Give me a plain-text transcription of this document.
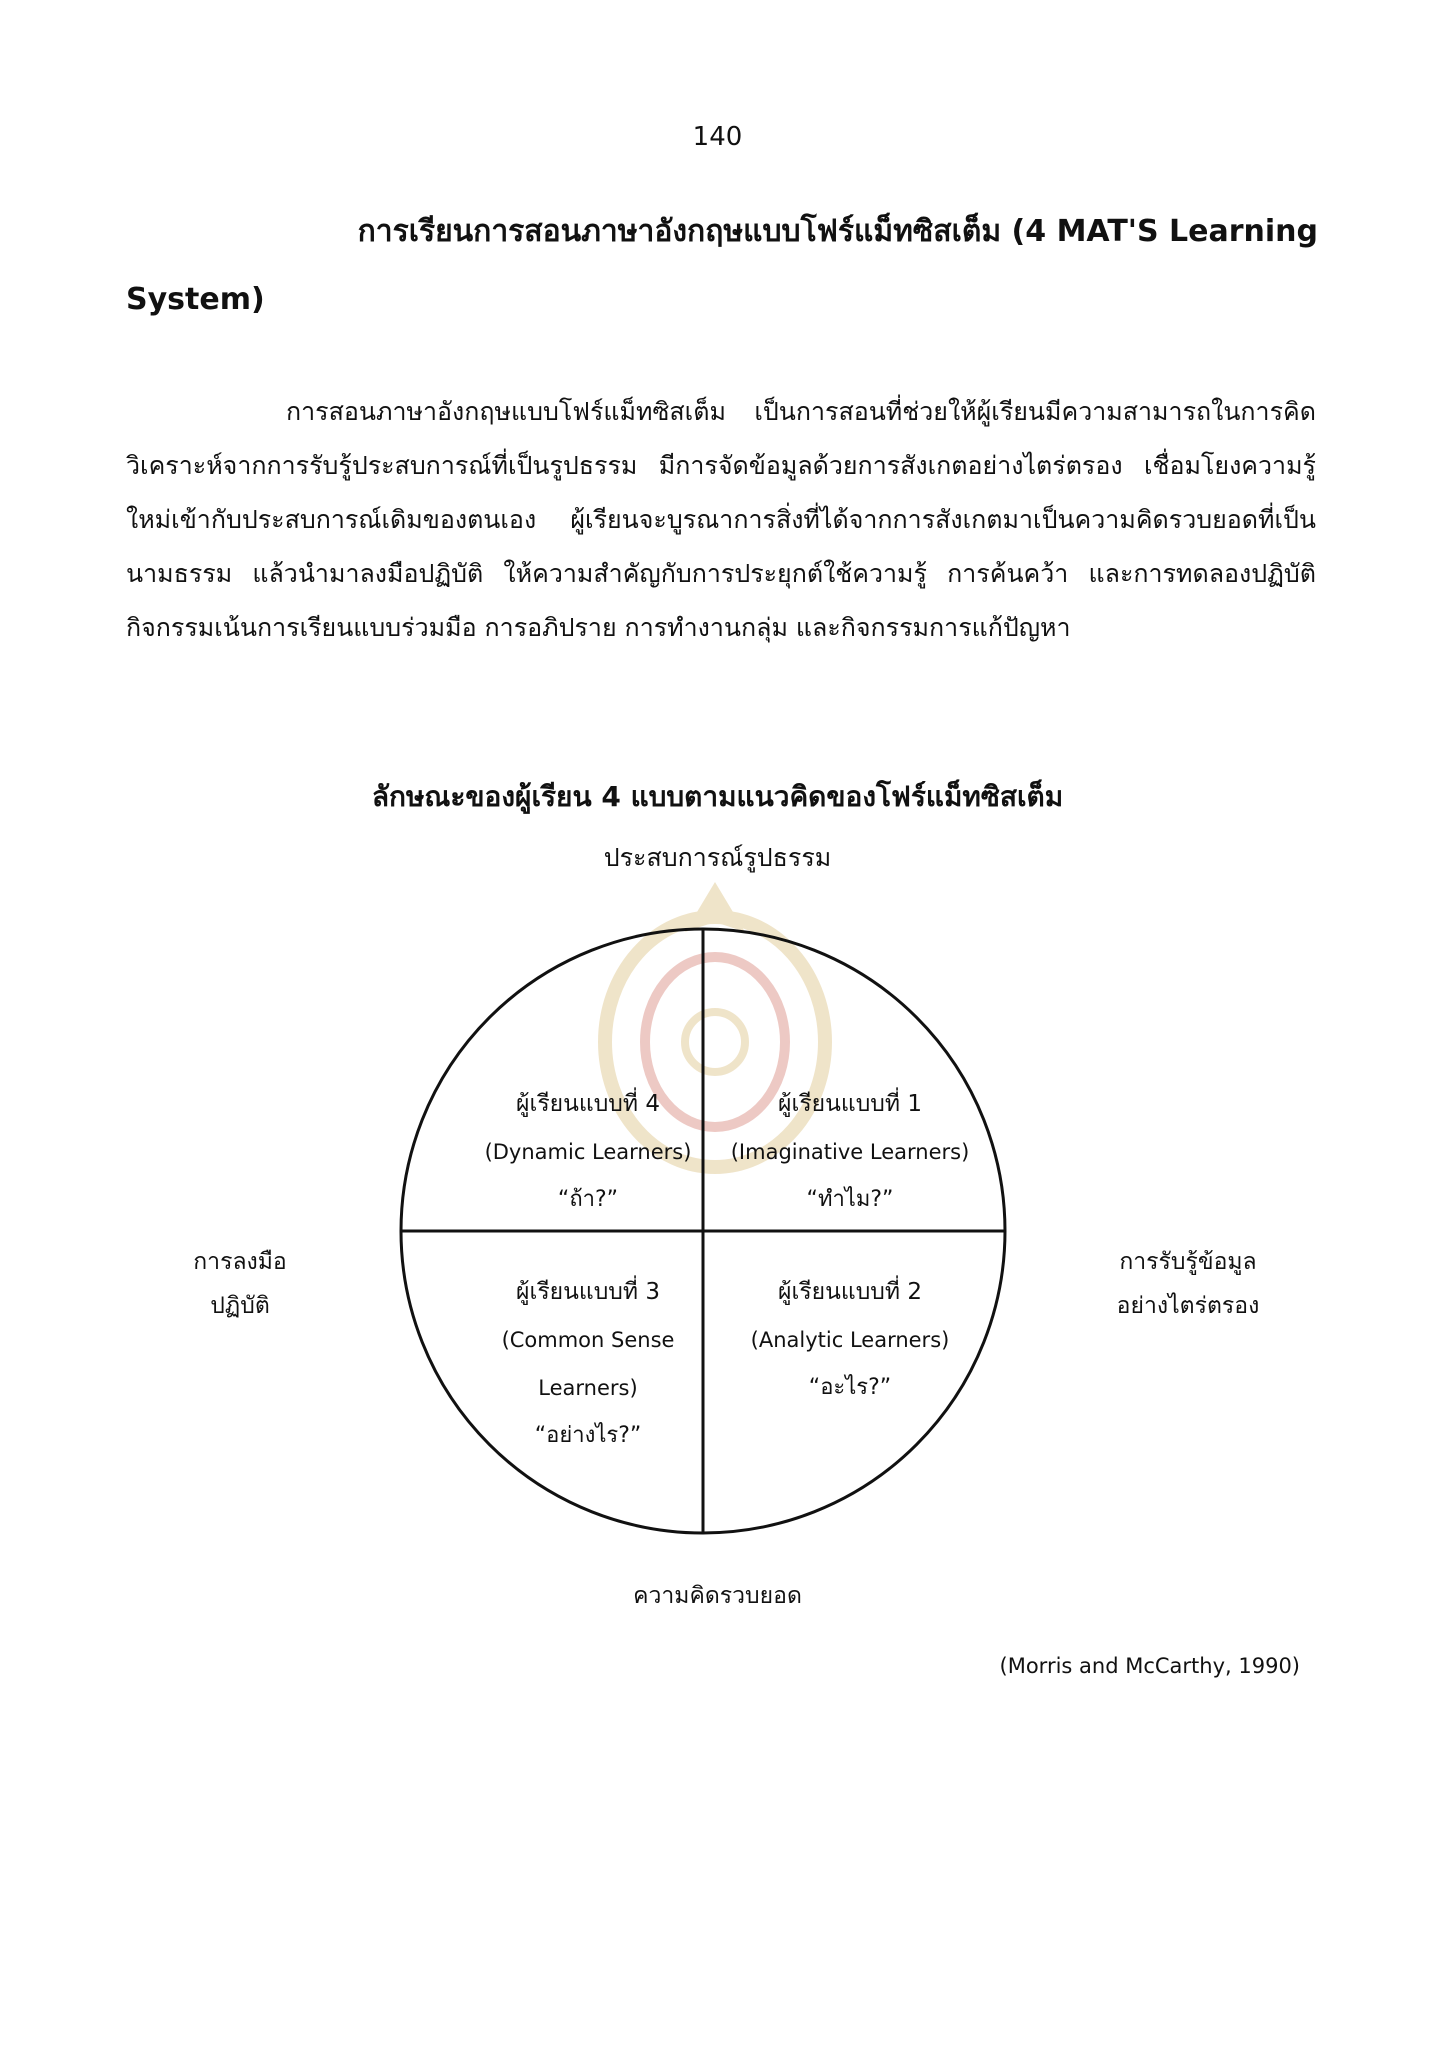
140
การเรียนการสอนภาษาอังกฤษแบบโฟร์แม็ทซิสเต็ม (4 MAT'S Learning
System)
การสอนภาษาอังกฤษแบบโฟร์แม็ทซิสเต็ม เป็นการสอนที่ช่วยให้ผู้เรียนมีความสามารถในการคิดวิเคราะห์จากการรับรู้ประสบการณ์ที่เป็นรูปธรรม มีการจัดข้อมูลด้วยการสังเกตอย่างไตร่ตรอง เชื่อมโยงความรู้ใหม่เข้ากับประสบการณ์เดิมของตนเอง ผู้เรียนจะบูรณาการสิ่งที่ได้จากการสังเกตมาเป็นความคิดรวบยอดที่เป็นนามธรรม แล้วนำมาลงมือปฏิบัติ ให้ความสำคัญกับการประยุกต์ใช้ความรู้ การค้นคว้า และการทดลองปฏิบัติ กิจกรรมเน้นการเรียนแบบร่วมมือ การอภิปราย การทำงานกลุ่ม และกิจกรรมการแก้ปัญหา
ลักษณะของผู้เรียน 4 แบบตามแนวคิดของโฟร์แม็ทซิสเต็ม
ประสบการณ์รูปธรรม
ผู้เรียนแบบที่ 4
(Dynamic Learners)
“ถ้า?”
ผู้เรียนแบบที่ 1
(Imaginative Learners)
“ทำไม?”
ผู้เรียนแบบที่ 3
(Common Sense
Learners)
“อย่างไร?”
ผู้เรียนแบบที่ 2
(Analytic Learners)
“อะไร?”
การลงมือ
ปฏิบัติ
การรับรู้ข้อมูล
อย่างไตร่ตรอง
ความคิดรวบยอด
(Morris and McCarthy, 1990)
